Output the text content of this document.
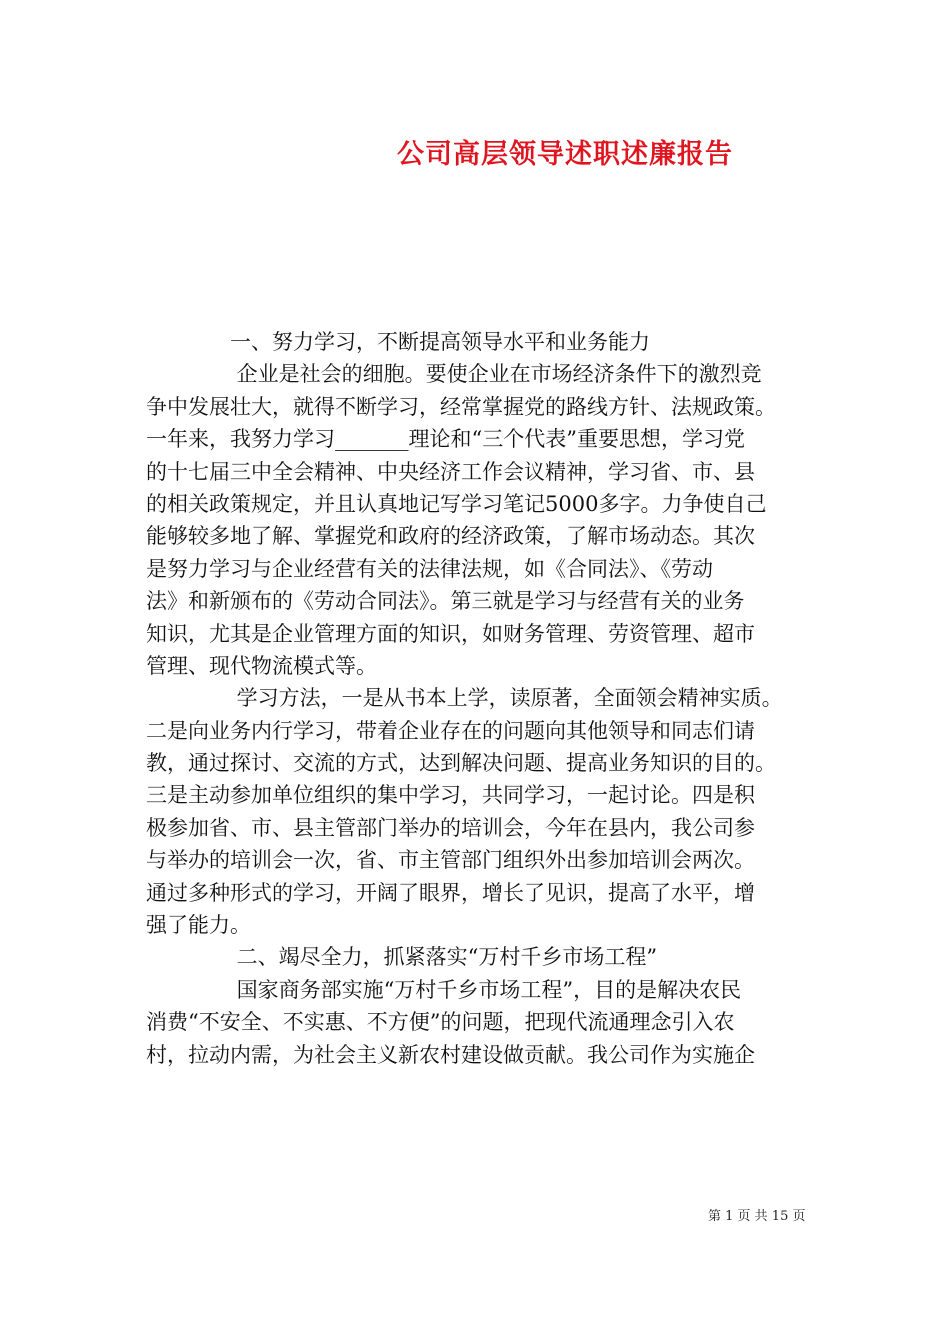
公司高层领导述职述廉报告
　　　　一、努力学习，不断提高领导水平和业务能力
　　　　 企业是社会的细胞。要使企业在市场经济条件下的激烈竞
争中发展壮大，就得不断学习，经常掌握党的路线方针、法规政策。
一年来，我努力学习_______理论和“三个代表”重要思想，学习党
的十七届三中全会精神、中央经济工作会议精神，学习省、市、县
的相关政策规定，并且认真地记写学习笔记5000多字。力争使自己
能够较多地了解、掌握党和政府的经济政策，了解市场动态。其次
是努力学习与企业经营有关的法律法规，如《合同法》、《劳动
法》和新颁布的《劳动合同法》。第三就是学习与经营有关的业务
知识，尤其是企业管理方面的知识，如财务管理、劳资管理、超市
管理、现代物流模式等。
　　　　 学习方法，一是从书本上学，读原著，全面领会精神实质。
二是向业务内行学习，带着企业存在的问题向其他领导和同志们请
教，通过探讨、交流的方式，达到解决问题、提高业务知识的目的。
三是主动参加单位组织的集中学习，共同学习，一起讨论。四是积
极参加省、市、县主管部门举办的培训会，今年在县内，我公司参
与举办的培训会一次，省、市主管部门组织外出参加培训会两次。
通过多种形式的学习，开阔了眼界，增长了见识，提高了水平，增
强了能力。
　　　　 二、竭尽全力，抓紧落实“万村千乡市场工程”
　　　　 国家商务部实施“万村千乡市场工程”，目的是解决农民
消费“不安全、不实惠、不方便”的问题，把现代流通理念引入农
村，拉动内需，为社会主义新农村建设做贡献。我公司作为实施企
第 1 页 共 15 页
